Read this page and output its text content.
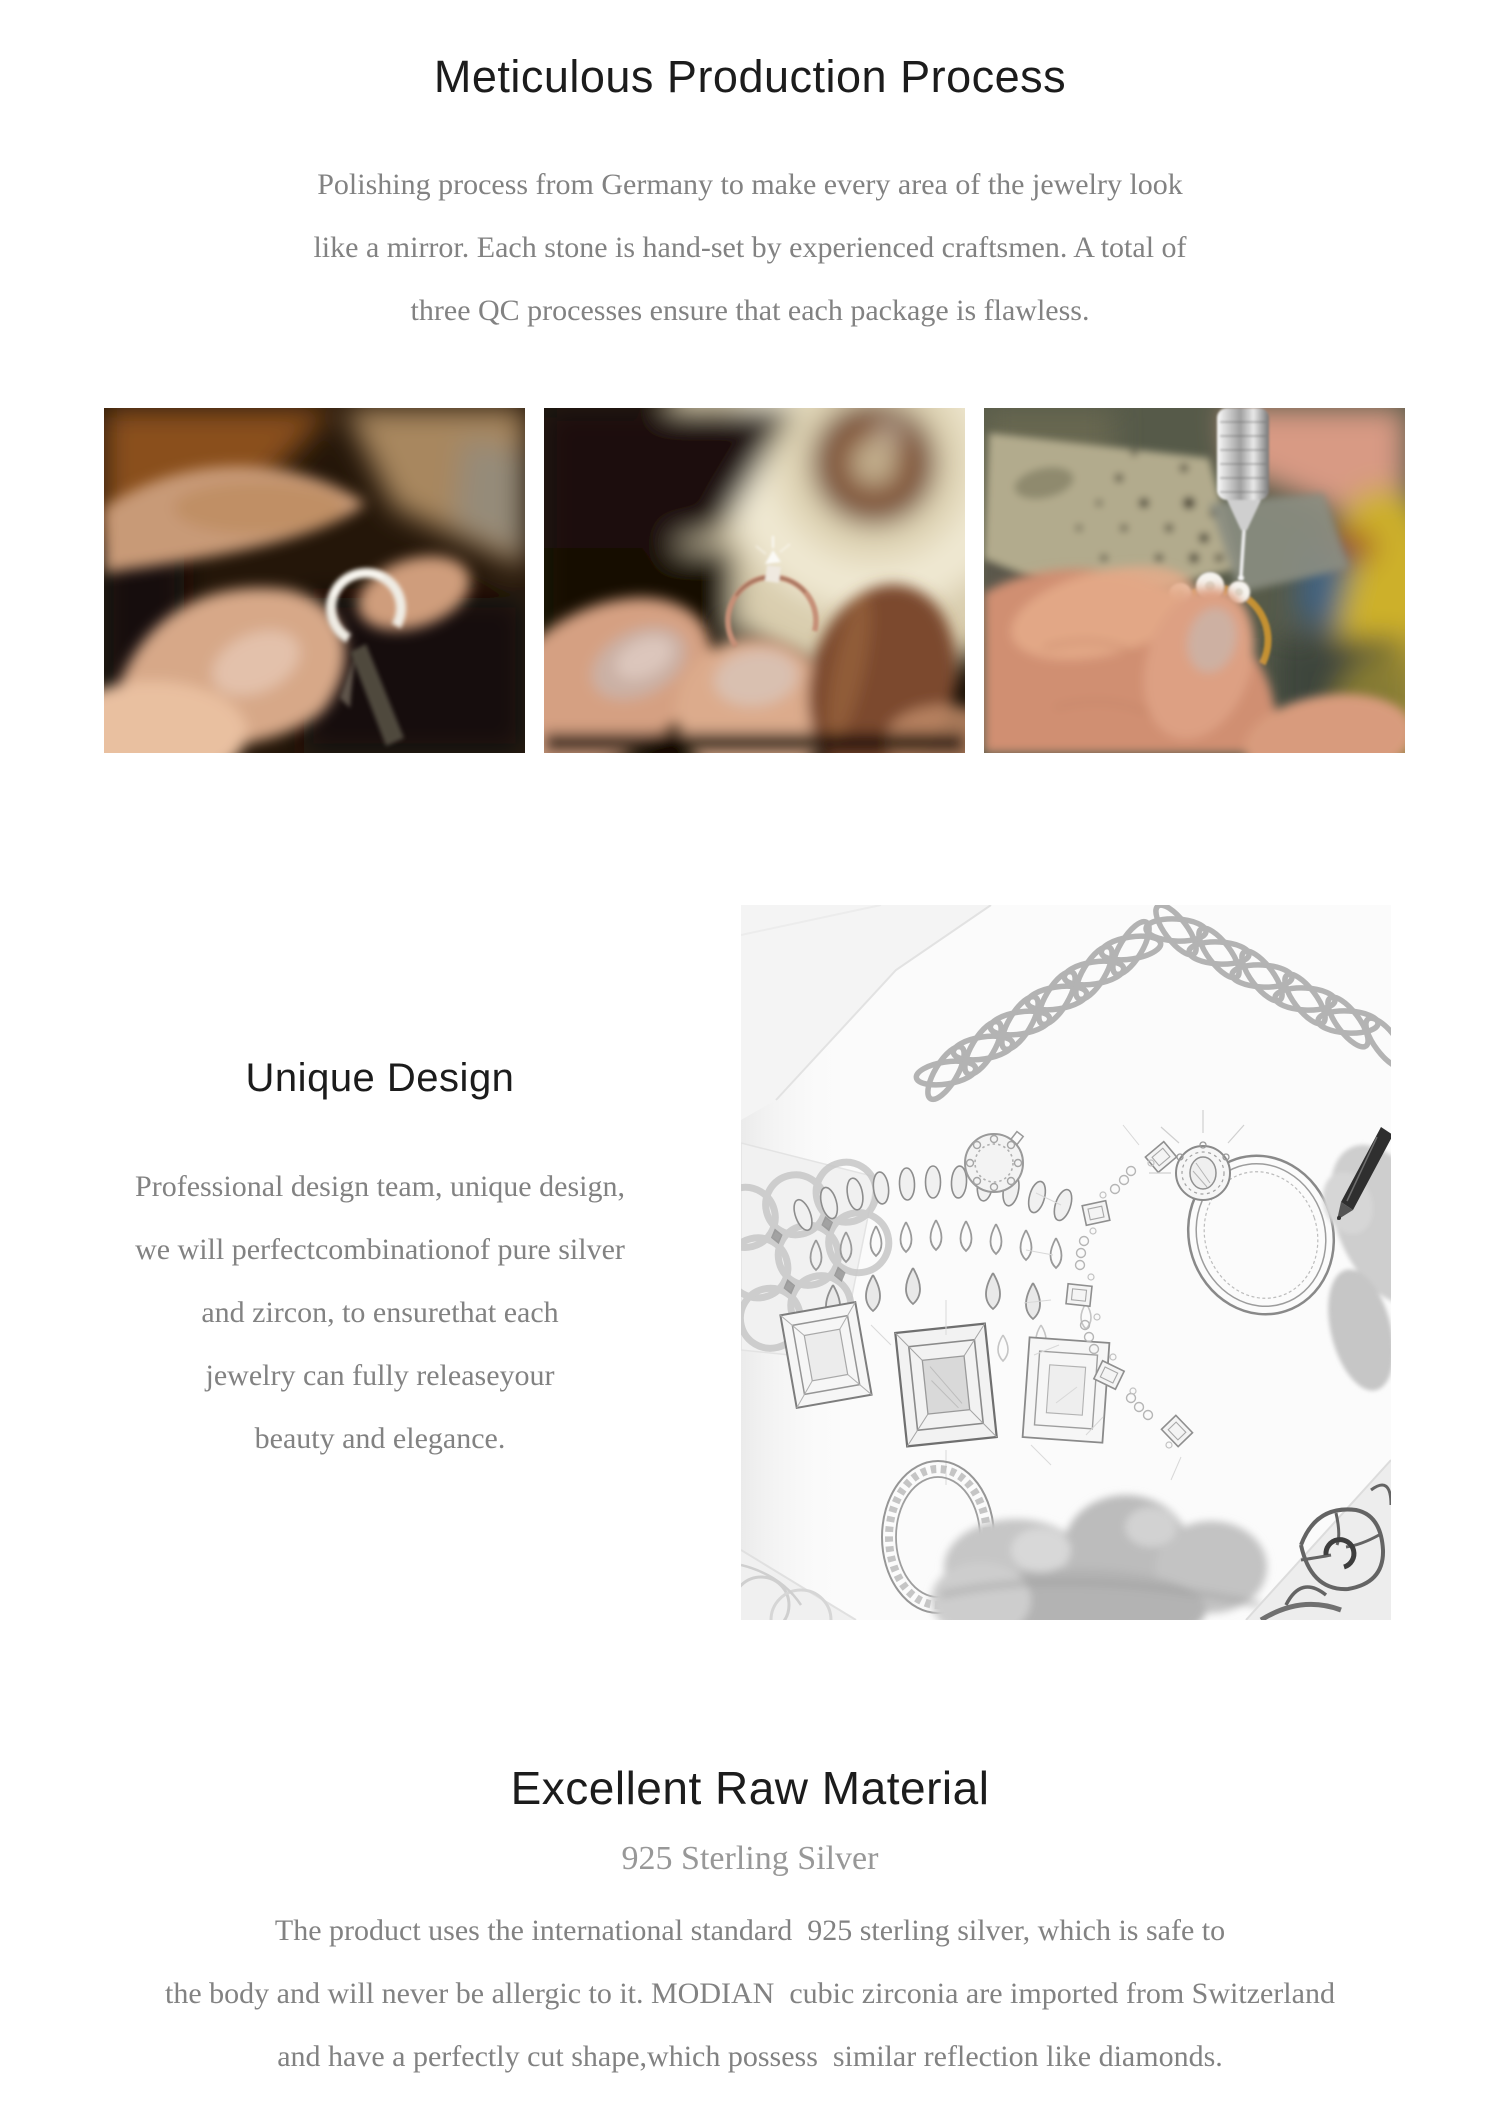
Meticulous Production Process
Polishing process from Germany to make every area of the jewelry look
like a mirror. Each stone is hand-set by experienced craftsmen. A total of
three QC processes ensure that each package is flawless.
Unique Design
Professional design team, unique design,
we will perfectcombinationof pure silver
and zircon, to ensurethat each
jewelry can fully releaseyour
beauty and elegance.
Excellent Raw Material
925 Sterling Silver
The product uses the international standard  925 sterling silver, which is safe to
the body and will never be allergic to it. MODIAN  cubic zirconia are imported from Switzerland
and have a perfectly cut shape,which possess  similar reflection like diamonds.
